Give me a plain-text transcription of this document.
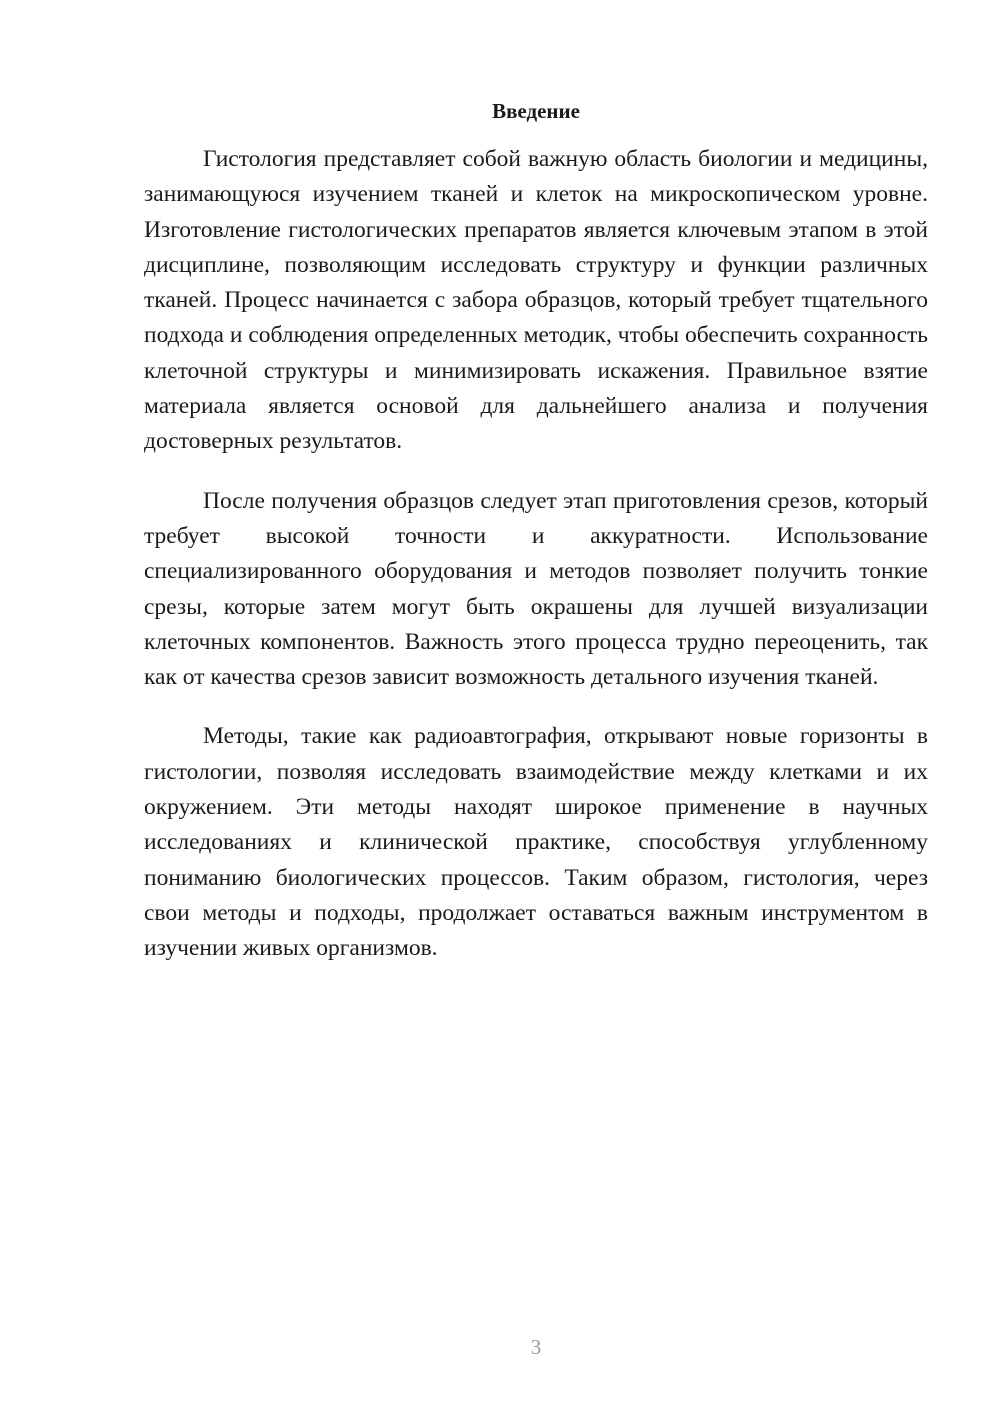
Введение

Гистология представляет собой важную область биологии и медицины, занимающуюся изучением тканей и клеток на микроскопическом уровне. Изготовление гистологических препаратов является ключевым этапом в этой дисциплине, позволяющим исследовать структуру и функции различных тканей. Процесс начинается с забора образцов, который требует тщательного подхода и соблюдения определенных методик, чтобы обеспечить сохранность клеточной структуры и минимизировать искажения. Правильное взятие материала является основой для дальнейшего анализа и получения достоверных результатов.

После получения образцов следует этап приготовления срезов, который требует высокой точности и аккуратности. Использование специализированного оборудования и методов позволяет получить тонкие срезы, которые затем могут быть окрашены для лучшей визуализации клеточных компонентов. Важность этого процесса трудно переоценить, так как от качества срезов зависит возможность детального изучения тканей.

Методы, такие как радиоавтография, открывают новые горизонты в гистологии, позволяя исследовать взаимодействие между клетками и их окружением. Эти методы находят широкое применение в научных исследованиях и клинической практике, способствуя углубленному пониманию биологических процессов. Таким образом, гистология, через свои методы и подходы, продолжает оставаться важным инструментом в изучении живых организмов.

3
